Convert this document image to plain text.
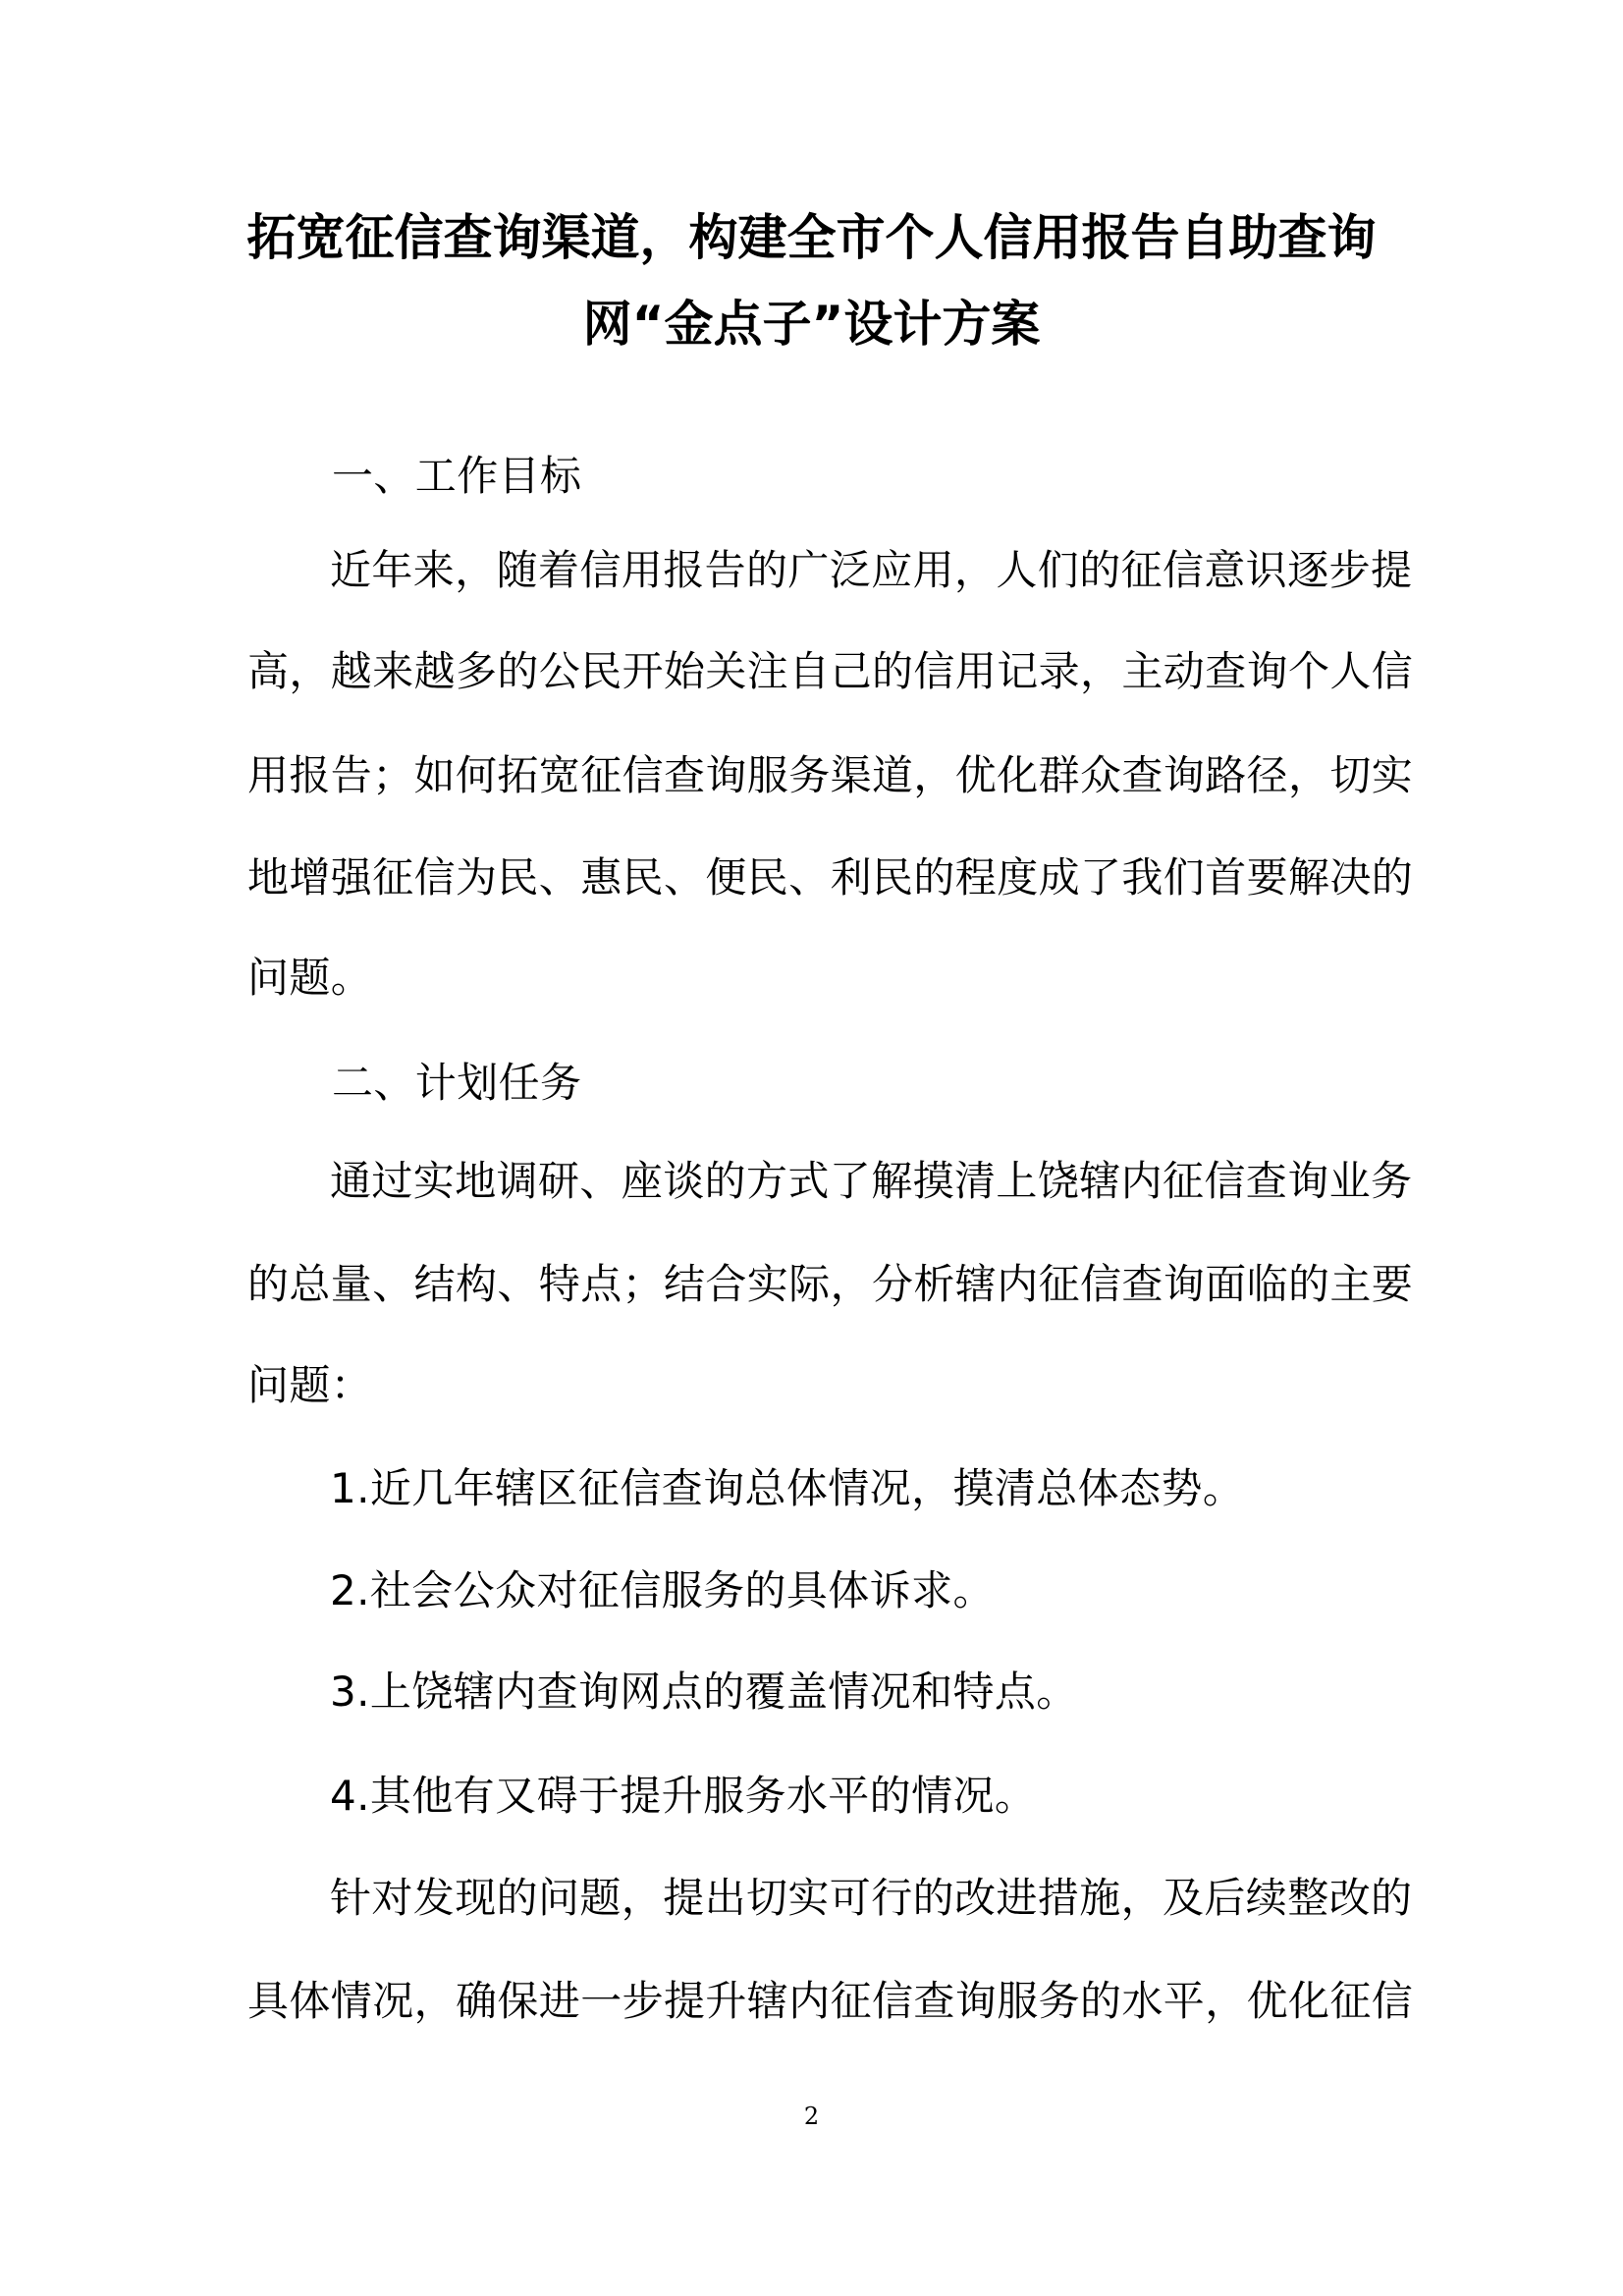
拓宽征信查询渠道，构建全市个人信用报告自助查询
网“金点子”设计方案
一、工作目标
近年来，随着信用报告的广泛应用，人们的征信意识逐步提
高，越来越多的公民开始关注自己的信用记录，主动查询个人信
用报告；如何拓宽征信查询服务渠道，优化群众查询路径，切实
地增强征信为民、惠民、便民、利民的程度成了我们首要解决的
问题。
二、计划任务
通过实地调研、座谈的方式了解摸清上饶辖内征信查询业务
的总量、结构、特点；结合实际，分析辖内征信查询面临的主要
问题：
1.近几年辖区征信查询总体情况，摸清总体态势。
2.社会公众对征信服务的具体诉求。
3.上饶辖内查询网点的覆盖情况和特点。
4.其他有又碍于提升服务水平的情况。
针对发现的问题，提出切实可行的改进措施，及后续整改的
具体情况，确保进一步提升辖内征信查询服务的水平，优化征信
2
